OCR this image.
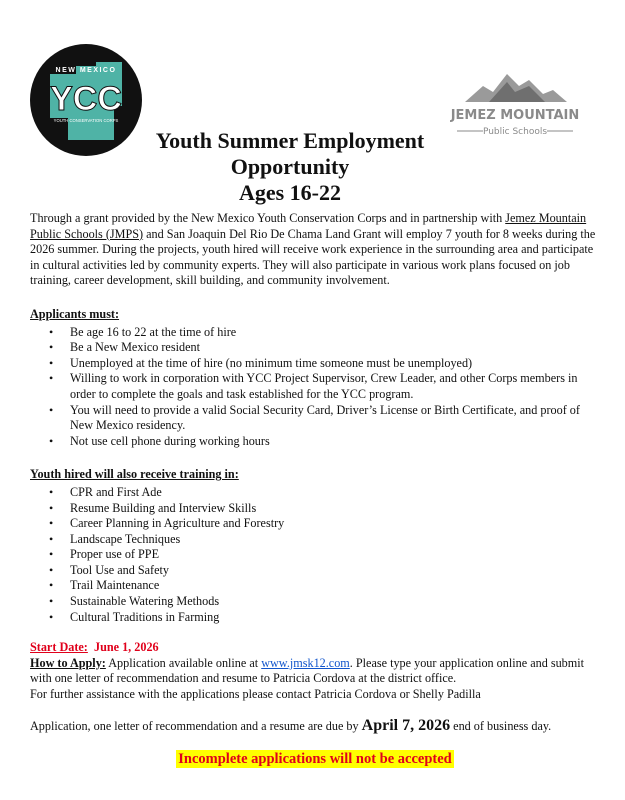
NEW MEXICO
YCC
YOUTH CONSERVATION CORPS	JEMEZ MOUNTAIN
Public Schools
Youth Summer Employment
Opportunity
Ages 16-22

Through a grant provided by the New Mexico Youth Conservation Corps and in partnership with Jemez Mountain Public Schools (JMPS) and San Joaquin Del Rio De Chama Land Grant will employ 7 youth for 8 weeks during the 2026 summer. During the projects, youth hired will receive work experience in the surrounding area and participate in cultural activities led by community experts. They will also participate in various work plans focused on job training, career development, skill building, and community involvement.

Applicants must:
• Be age 16 to 22 at the time of hire
• Be a New Mexico resident
• Unemployed at the time of hire (no minimum time someone must be unemployed)
• Willing to work in corporation with YCC Project Supervisor, Crew Leader, and other Corps members in order to complete the goals and task established for the YCC program.
• You will need to provide a valid Social Security Card, Driver’s License or Birth Certificate, and proof of New Mexico residency.
• Not use cell phone during working hours
Youth hired will also receive training in:
• CPR and First Ade
• Resume Building and Interview Skills
• Career Planning in Agriculture and Forestry
• Landscape Techniques
• Proper use of PPE
• Tool Use and Safety
• Trail Maintenance
• Sustainable Watering Methods
• Cultural Traditions in Farming

Start Date: June 1, 2026

How to Apply: Application available online at www.jmsk12.com. Please type your application online and submit with one letter of recommendation and resume to Patricia Cordova at the district office.

For further assistance with the applications please contact Patricia Cordova or Shelly Padilla

Application, one letter of recommendation and a resume are due by April 7, 2026 end of business day.

Incomplete applications will not be accepted
